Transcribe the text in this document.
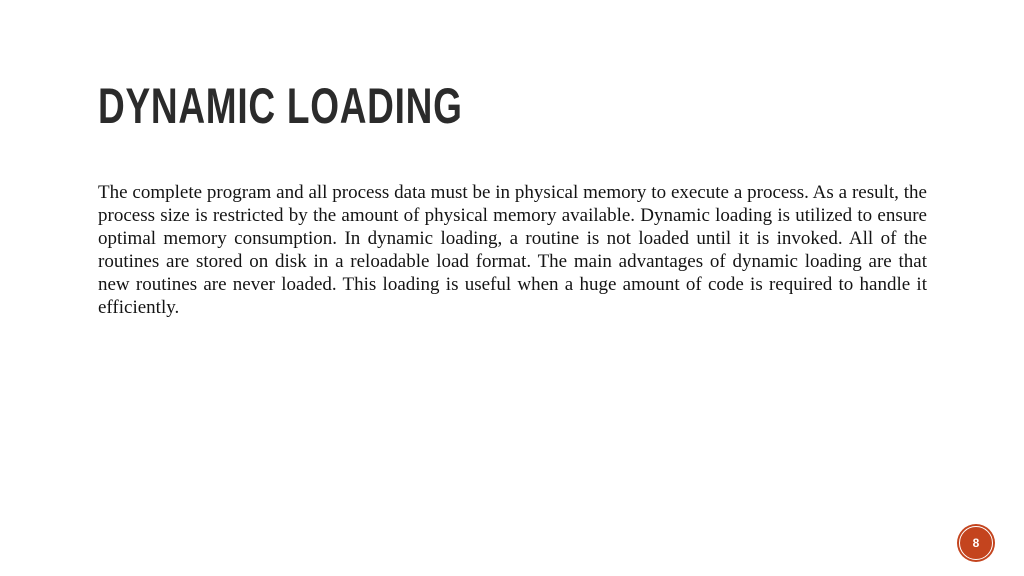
DYNAMIC LOADING

The complete program and all process data must be in physical memory to execute a process. As a result, the process size is restricted by the amount of physical memory available. Dynamic loading is utilized to ensure optimal memory consumption. In dynamic loading, a routine is not loaded until it is invoked. All of the routines are stored on disk in a reloadable load format. The main advantages of dynamic loading are that new routines are never loaded. This loading is useful when a huge amount of code is required to handle it efficiently.

8
